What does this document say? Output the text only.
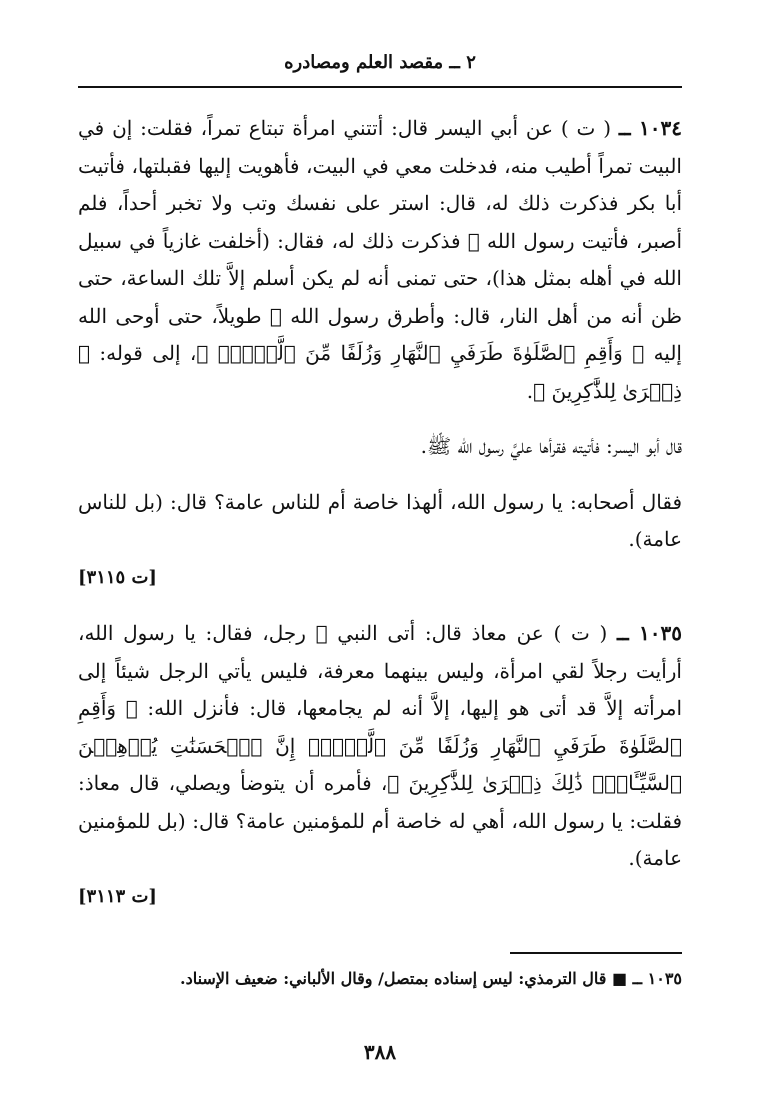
٢ ــ مقصد العلم ومصادره

١٠٣٤ ــ ( ت ) عن أبي اليسر قال: أتتني امرأة تبتاع تمراً، فقلت: إن في البيت تمراً أطيب منه، فدخلت معي في البيت، فأهويت إليها فقبلتها، فأتيت أبا بكر فذكرت ذلك له، قال: استر على نفسك وتب ولا تخبر أحداً، فلم أصبر، فأتيت رسول الله ﷺ فذكرت ذلك له، فقال: (أخلفت غازياً في سبيل الله في أهله بمثل هذا)، حتى تمنى أنه لم يكن أسلم إلاَّ تلك الساعة، حتى ظن أنه من أهل النار، قال: وأطرق رسول الله ﷺ طويلاً، حتى أوحى الله إليه ﴿ وَأَقِمِ ٱلصَّلَوٰةَ طَرَفَيِ ٱلنَّهَارِ وَزُلَفًا مِّنَ ٱلَّيۡلِۚ ﴾، إلى قوله: ﴿ ذِكۡرَىٰ لِلذَّٰكِرِينَ ﴾.

قال أبو اليسر: فأتيته فقرأها عليَّ رسول الله ﷺ.

فقال أصحابه: يا رسول الله، ألهذا خاصة أم للناس عامة؟ قال: (بل للناس عامة).

[ت ٣١١٥]

١٠٣٥ ــ ( ت ) عن معاذ قال: أتى النبي ﷺ رجل، فقال: يا رسول الله، أرأيت رجلاً لقي امرأة، وليس بينهما معرفة، فليس يأتي الرجل شيئاً إلى امرأته إلاَّ قد أتى هو إليها، إلاَّ أنه لم يجامعها، قال: فأنزل الله: ﴿ وَأَقِمِ ٱلصَّلَوٰةَ طَرَفَيِ ٱلنَّهَارِ وَزُلَفًا مِّنَ ٱلَّيۡلِۚ إِنَّ ٱلۡحَسَنَٰتِ يُذۡهِبۡنَ ٱلسَّيِّـَٔاتِۚ ذَٰلِكَ ذِكۡرَىٰ لِلذَّٰكِرِينَ ﴾، فأمره أن يتوضأ ويصلي، قال معاذ: فقلت: يا رسول الله، أهي له خاصة أم للمؤمنين عامة؟ قال: (بل للمؤمنين عامة).

[ت ٣١١٣]
١٠٣٥ ــ ■ قال الترمذي: ليس إسناده بمتصل/ وقال الألباني: ضعيف الإسناد.
٣٨٨
